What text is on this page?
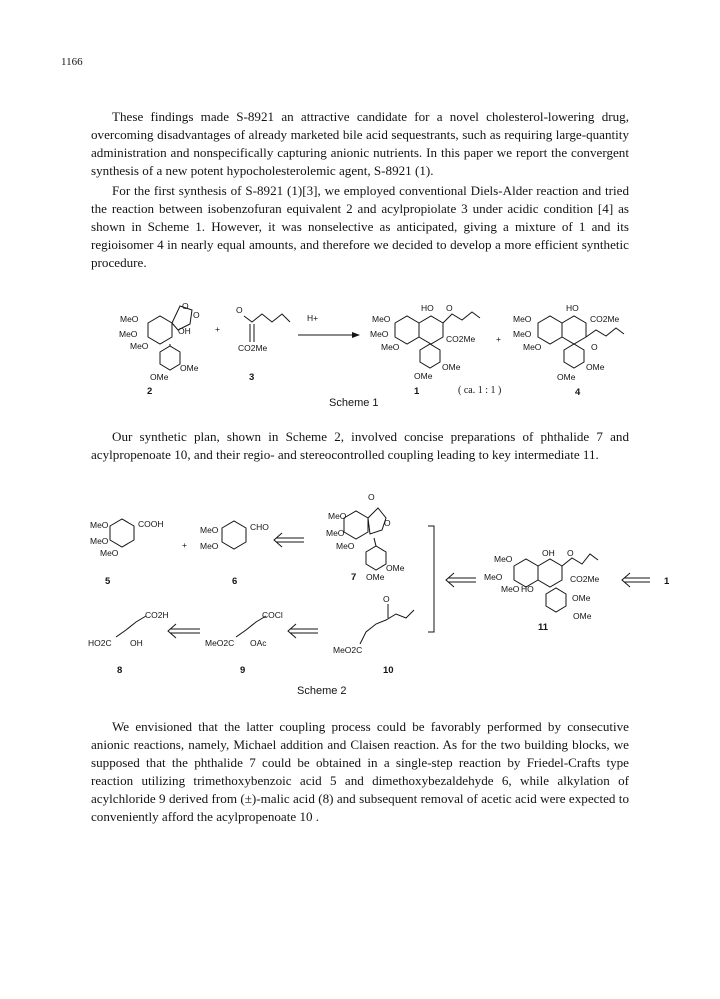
1166

These findings made S-8921 an attractive candidate for a novel cholesterol-lowering drug, overcoming disadvantages of already marketed bile acid sequestrants, such as requiring large-quantity administration and nonspecifically capturing anionic nutrients. In this paper we report the convergent synthesis of a new potent hypocholesterolemic agent, S-8921 (1).

For the first synthesis of S-8921 (1)[3], we employed conventional Diels-Alder reaction and tried the reaction between isobenzofuran equivalent 2 and acylpropiolate 3 under acidic condition [4] as shown in Scheme 1. However, it was nonselective as anticipated, giving a mixture of 1 and its regioisomer 4 in nearly equal amounts, and therefore we decided to develop a more efficient synthetic procedure.

MeO
MeO
MeO
OH
O
O
OMe
OMe
2
+
O
CO2Me
3
H+	MeO
MeO
MeO
HO O
CO2Me
OMe
OMe
1
+
MeO
MeO
MeO
HO
CO2Me
O
OMe
OMe
4
( ca. 1 : 1 )
Scheme 1

Our synthetic plan, shown in Scheme 2, involved concise preparations of phthalide 7 and acylpropenoate 10, and their regio- and stereocontrolled coupling leading to key intermediate 11.

MeO
MeO
MeO
COOH
5
+
MeO
MeO
CHO
6
O
O
MeO
MeO
MeO
OMe
OMe
7
OH O
MeO
MeO
MeO HO
CO2Me
OMe
OMe
11
1
CO2H
HO2C OH
8
COCl
MeO2C OAc
9
O
MeO2C
10
Scheme 2

We envisioned that the latter coupling process could be favorably performed by consecutive anionic reactions, namely, Michael addition and Claisen reaction. As for the two building blocks, we supposed that the phthalide 7 could be obtained in a single-step reaction by Friedel-Crafts type reaction utilizing trimethoxybenzoic acid 5 and dimethoxybezaldehyde 6, while alkylation of acylchloride 9 derived from (±)-malic acid (8) and subsequent removal of acetic acid were expected to conveniently afford the acylpropenoate 10 .
